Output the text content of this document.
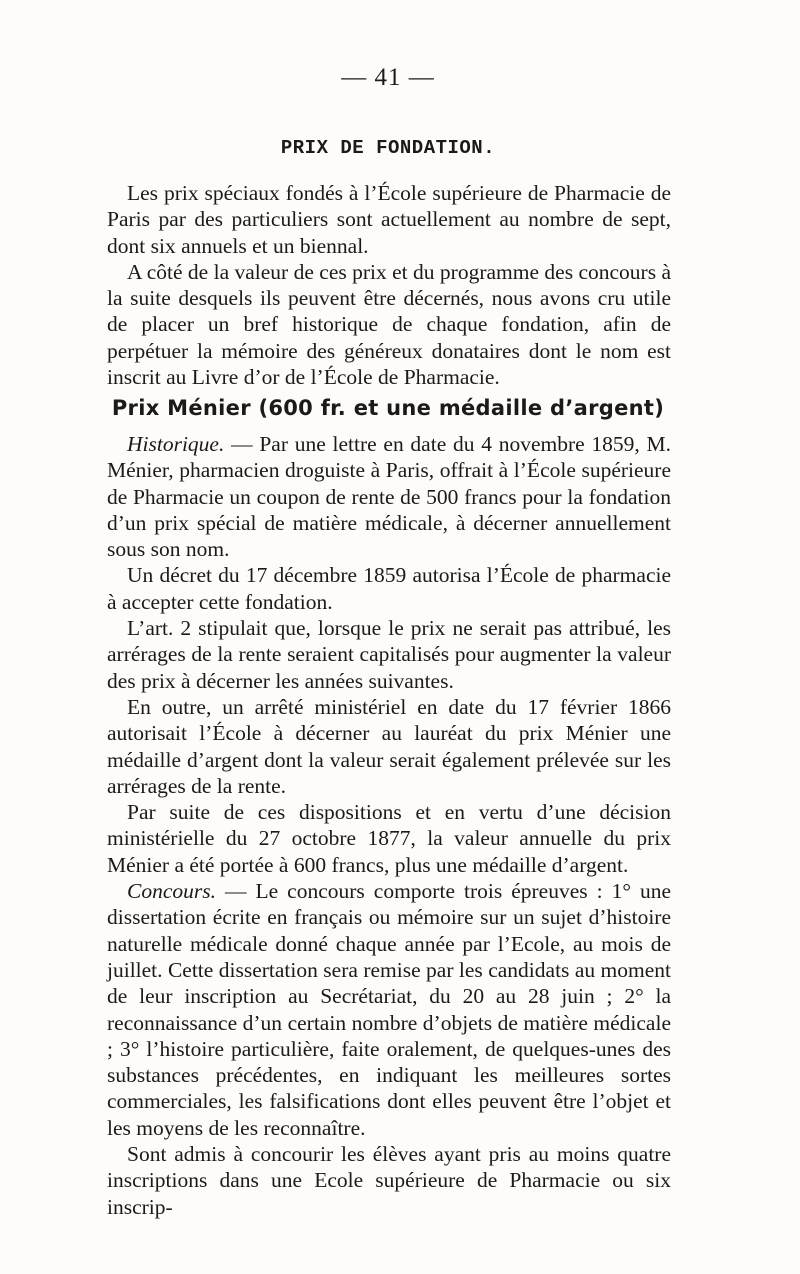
— 41 —
PRIX DE FONDATION.

Les prix spéciaux fondés à l’École supérieure de Pharmacie de Paris par des particuliers sont actuellement au nombre de sept, dont six annuels et un biennal.

A côté de la valeur de ces prix et du programme des concours à la suite desquels ils peuvent être décernés, nous avons cru utile de placer un bref historique de chaque fondation, afin de perpétuer la mémoire des généreux donataires dont le nom est inscrit au Livre d’or de l’École de Pharmacie.

Prix Ménier (600 fr. et une médaille d’argent)

Historique. — Par une lettre en date du 4 novembre 1859, M. Ménier, pharmacien droguiste à Paris, offrait à l’École supérieure de Pharmacie un coupon de rente de 500 francs pour la fondation d’un prix spécial de matière médicale, à décerner annuellement sous son nom.

Un décret du 17 décembre 1859 autorisa l’École de pharmacie à accepter cette fondation.

L’art. 2 stipulait que, lorsque le prix ne serait pas attribué, les arrérages de la rente seraient capitalisés pour augmenter la valeur des prix à décerner les années suivantes.

En outre, un arrêté ministériel en date du 17 février 1866 autorisait l’École à décerner au lauréat du prix Ménier une médaille d’argent dont la valeur serait également prélevée sur les arrérages de la rente.

Par suite de ces dispositions et en vertu d’une décision ministérielle du 27 octobre 1877, la valeur annuelle du prix Ménier a été portée à 600 francs, plus une médaille d’argent.

Concours. — Le concours comporte trois épreuves : 1° une dissertation écrite en français ou mémoire sur un sujet d’histoire naturelle médicale donné chaque année par l’Ecole, au mois de juillet. Cette dissertation sera remise par les candidats au moment de leur inscription au Secrétariat, du 20 au 28 juin ; 2° la reconnaissance d’un certain nombre d’objets de matière médicale ; 3° l’histoire particulière, faite oralement, de quelques-unes des substances précédentes, en indiquant les meilleures sortes commerciales, les falsifications dont elles peuvent être l’objet et les moyens de les reconnaître.

Sont admis à concourir les élèves ayant pris au moins quatre inscriptions dans une Ecole supérieure de Pharmacie ou six inscrip-
